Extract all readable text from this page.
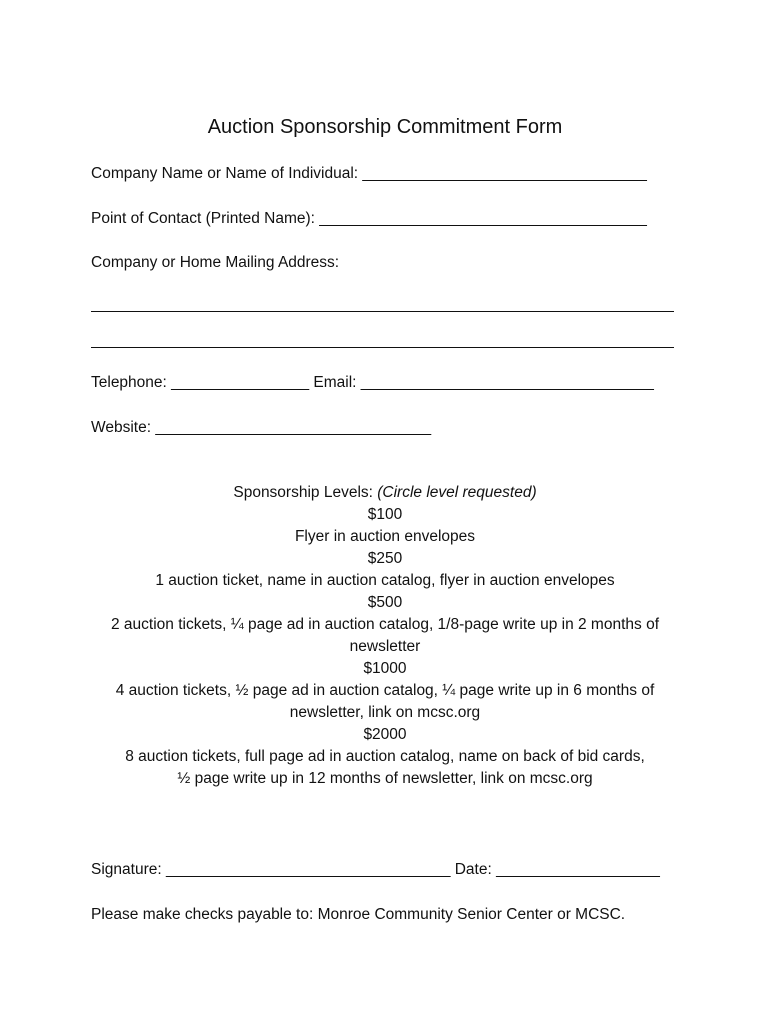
Auction Sponsorship Commitment Form
Company Name or Name of Individual: _________________________________
Point of Contact (Printed Name): ______________________________________
Company or Home Mailing Address:
Telephone: ________________ Email: __________________________________
Website: ________________________________
Sponsorship Levels: (Circle level requested)
$100
Flyer in auction envelopes
$250
1 auction ticket, name in auction catalog, flyer in auction envelopes
$500
2 auction tickets, ¼ page ad in auction catalog, 1/8-page write up in 2 months of
newsletter
$1000
4 auction tickets, ½ page ad in auction catalog, ¼ page write up in 6 months of
newsletter, link on mcsc.org
$2000
8 auction tickets, full page ad in auction catalog, name on back of bid cards,
½ page write up in 12 months of newsletter, link on mcsc.org
Signature: _________________________________ Date: ___________________
Please make checks payable to: Monroe Community Senior Center or MCSC.
